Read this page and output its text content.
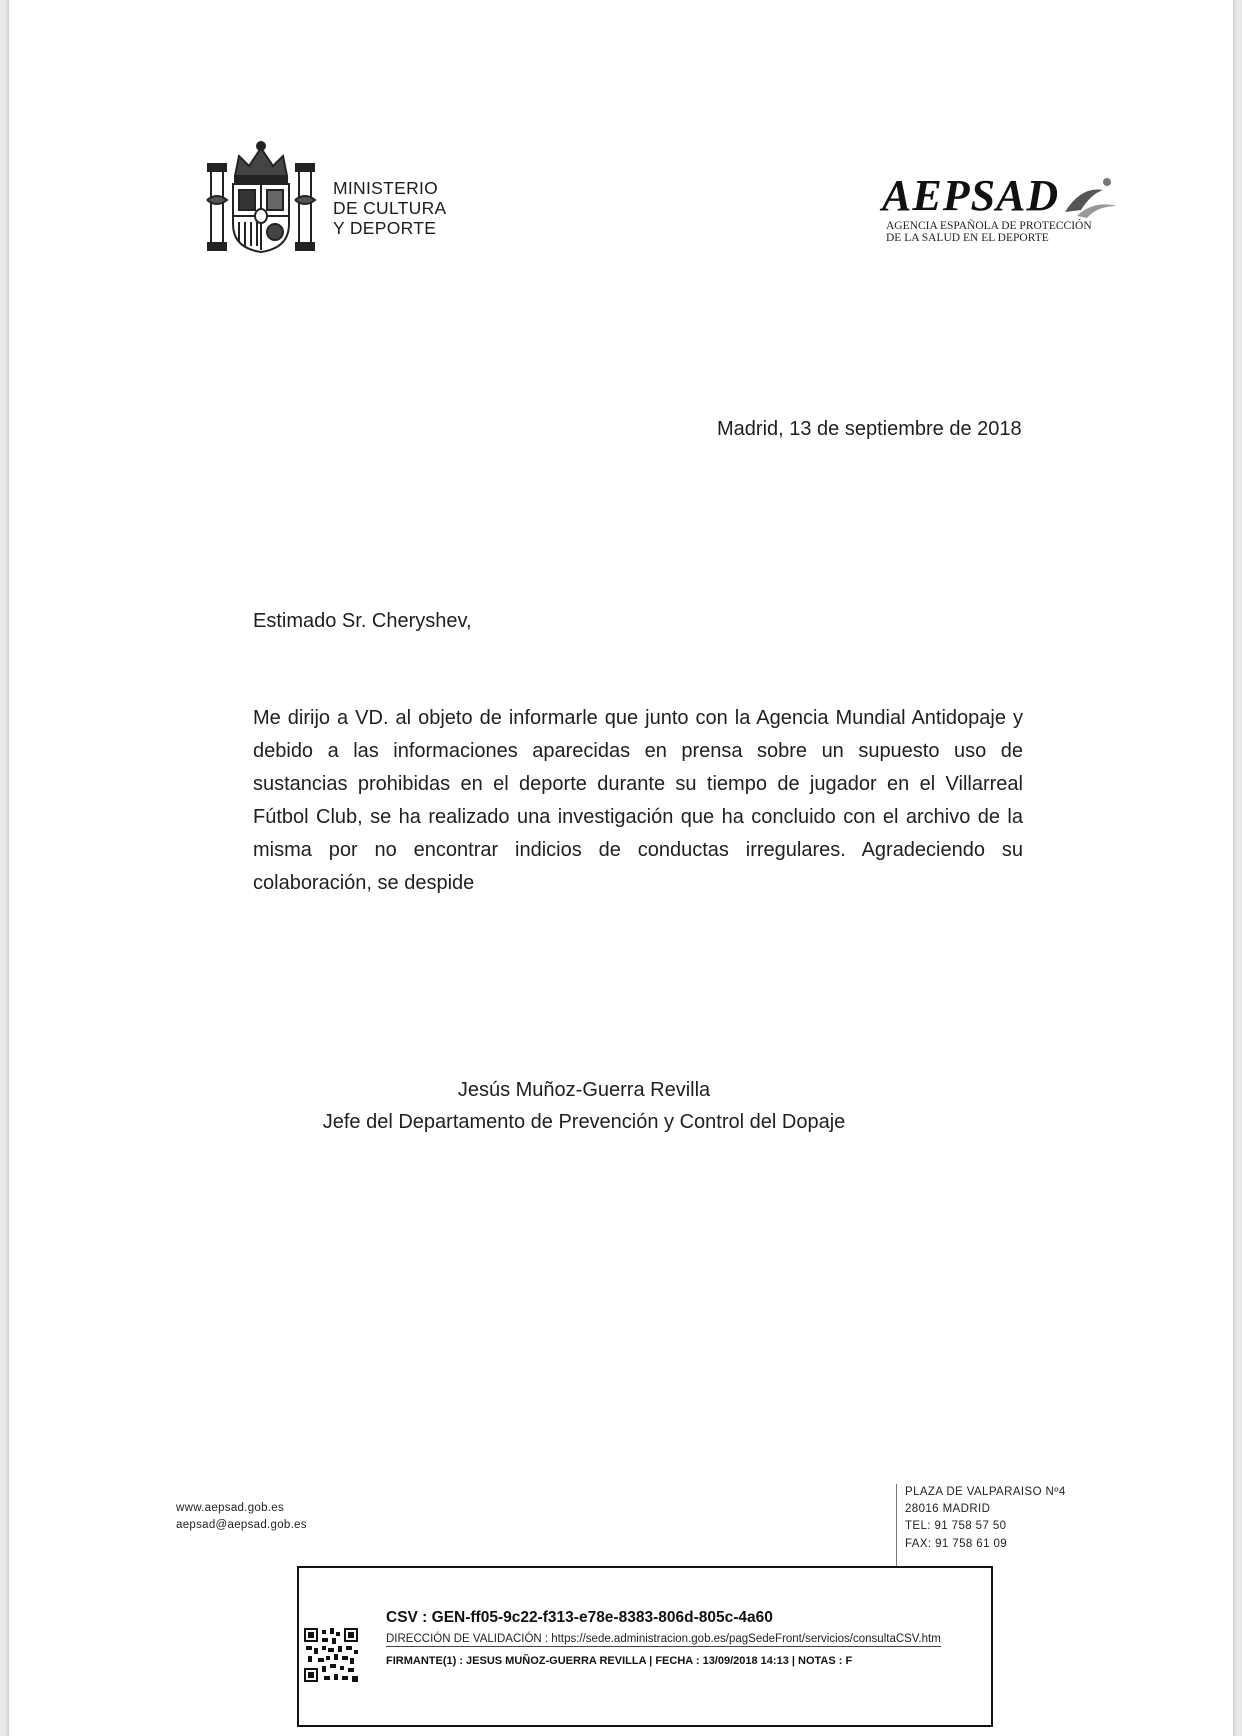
MINISTERIO
DE CULTURA
Y DEPORTE
AEPSAD
AGENCIA ESPAÑOLA DE PROTECCIÓN
DE LA SALUD EN EL DEPORTE
Madrid, 13 de septiembre de 2018
Estimado Sr. Cheryshev,
Me dirijo a VD. al objeto de informarle que junto con la Agencia Mundial Antidopaje y debido a las informaciones aparecidas en prensa sobre un supuesto uso de sustancias prohibidas en el deporte durante su tiempo de jugador en el Villarreal Fútbol Club, se ha realizado una investigación que ha concluido con el archivo de la misma por no encontrar indicios de conductas irregulares. Agradeciendo su colaboración, se despide
Jesús Muñoz-Guerra Revilla
Jefe del Departamento de Prevención y Control del Dopaje
www.aepsad.gob.es
aepsad@aepsad.gob.es
PLAZA DE VALPARAISO Nº4
28016 MADRID
TEL: 91 758 57 50
FAX: 91 758 61 09
CSV : GEN-ff05-9c22-f313-e78e-8383-806d-805c-4a60
DIRECCIÓN DE VALIDACIÓN : https://sede.administracion.gob.es/pagSedeFront/servicios/consultaCSV.htm
FIRMANTE(1) : JESUS MUÑOZ-GUERRA REVILLA | FECHA : 13/09/2018 14:13 | NOTAS : F
